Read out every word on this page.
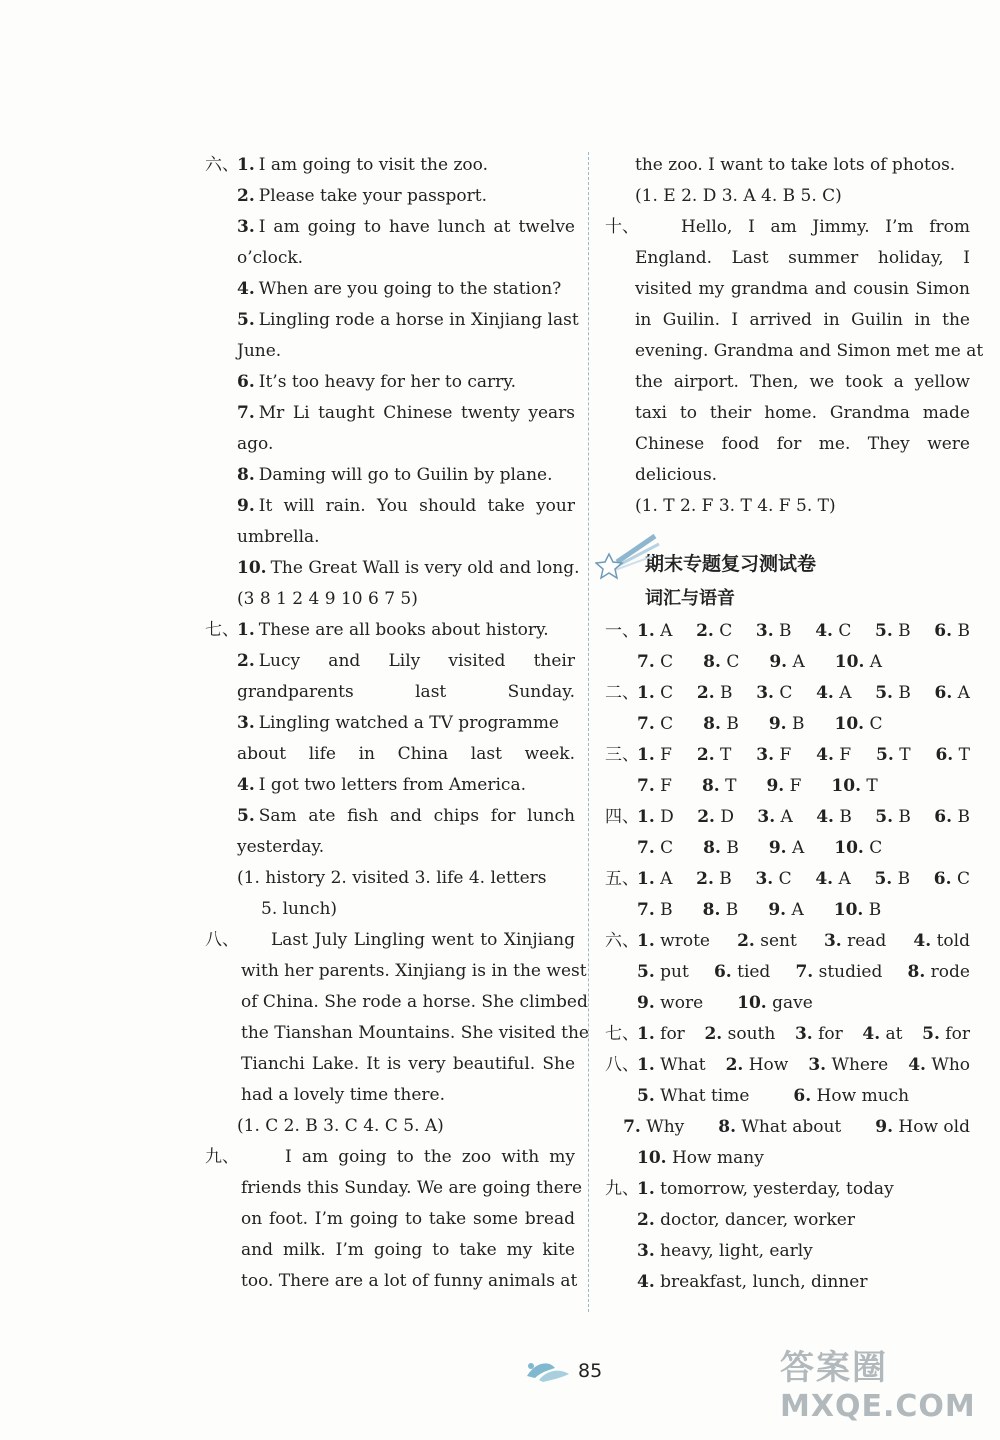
六、1. I am going to visit the zoo.
2. Please take your passport.
3. I am going to have lunch at twelve
o’clock.
4. When are you going to the station?
5. Lingling rode a horse in Xinjiang last
June.
6. It’s too heavy for her to carry.
7. Mr Li taught Chinese twenty years
ago.
8. Daming will go to Guilin by plane.
9. It will rain. You should take your
umbrella.
10. The Great Wall is very old and long.
(3 8 1 2 4 9 10 6 7 5)
七、1. These are all books about history.
2. Lucy and Lily visited their
grandparents last Sunday.
3. Lingling watched a TV programme
about life in China last week.
4. I got two letters from America.
5. Sam ate fish and chips for lunch
yesterday.
(1. history 2. visited 3. life 4. letters
5. lunch)
八、 Last July Lingling went to Xinjiang
with her parents. Xinjiang is in the west
of China. She rode a horse. She climbed
the Tianshan Mountains. She visited the
Tianchi Lake. It is very beautiful. She
had a lovely time there.
(1. C 2. B 3. C 4. C 5. A)
九、	I am going to the zoo with my
friends this Sunday. We are going there
on foot. I’m going to take some bread
and milk. I’m going to take my kite
too. There are a lot of funny animals at
the zoo. I want to take lots of photos.
(1. E 2. D 3. A 4. B 5. C)
十、 Hello, I am Jimmy. I’m from
England. Last summer holiday, I
visited my grandma and cousin Simon
in Guilin. I arrived in Guilin in the
evening. Grandma and Simon met me at
the airport. Then, we took a yellow
taxi to their home. Grandma made
Chinese food for me. They were
delicious.
(1. T 2. F 3. T 4. F 5. T)
期末专题复习测试卷
词汇与语音
一、
1. A 2. C 3. B 4. C 5. B 6. B
7. C 8. C 9. A 10. A
二、
1. C 2. B 3. C 4. A 5. B 6. A
7. C 8. B 9. B 10. C
三、
1. F 2. T 3. F 4. F 5. T 6. T
7. F 8. T 9. F 10. T
四、
1. D 2. D 3. A 4. B 5. B 6. B
7. C 8. B 9. A 10. C
五、
1. A 2. B 3. C 4. A 5. B 6. C
7. B 8. B 9. A 10. B
六、
1. wrote 2. sent 3. read 4. told
5. put 6. tied 7. studied 8. rode
9. wore 10. gave
七、
1. for 2. south 3. for 4. at 5. for
八、
1. What 2. How 3. Where 4. Who
5. What time	6. How much
7. Why 8. What about 9. How old
10. How many
九、1. tomorrow, yesterday, today
2. doctor, dancer, worker
3. heavy, light, early
4. breakfast, lunch, dinner
85	答案圈
MXQE.COM
